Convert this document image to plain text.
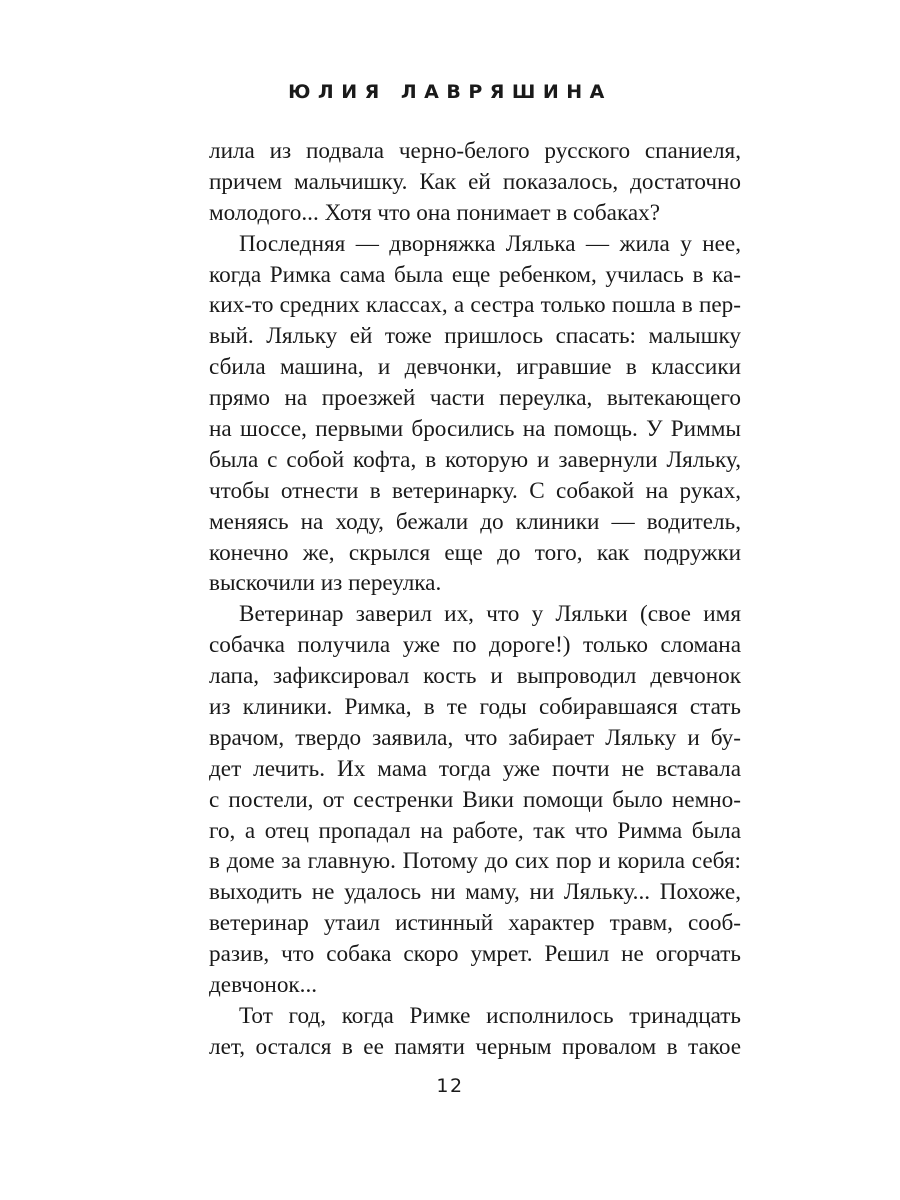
ЮЛИЯ ЛАВРЯШИНА
лила из подвала черно-белого русского спаниеля,
причем мальчишку. Как ей показалось, достаточно
молодого... Хотя что она понимает в собаках?
Последняя — дворняжка Лялька — жила у нее,
когда Римка сама была еще ребенком, училась в ка-
ких-то средних классах, а сестра только пошла в пер-
вый. Ляльку ей тоже пришлось спасать: малышку
сбила машина, и девчонки, игравшие в классики
прямо на проезжей части переулка, вытекающего
на шоссе, первыми бросились на помощь. У Риммы
была с собой кофта, в которую и завернули Ляльку,
чтобы отнести в ветеринарку. С собакой на руках,
меняясь на ходу, бежали до клиники — водитель,
конечно же, скрылся еще до того, как подружки
выскочили из переулка.
Ветеринар заверил их, что у Ляльки (свое имя
собачка получила уже по дороге!) только сломана
лапа, зафиксировал кость и выпроводил девчонок
из клиники. Римка, в те годы собиравшаяся стать
врачом, твердо заявила, что забирает Ляльку и бу-
дет лечить. Их мама тогда уже почти не вставала
с постели, от сестренки Вики помощи было немно-
го, а отец пропадал на работе, так что Римма была
в доме за главную. Потому до сих пор и корила себя:
выходить не удалось ни маму, ни Ляльку... Похоже,
ветеринар утаил истинный характер травм, сооб-
разив, что собака скоро умрет. Решил не огорчать
девчонок...
Тот год, когда Римке исполнилось тринадцать
лет, остался в ее памяти черным провалом в такое
12
